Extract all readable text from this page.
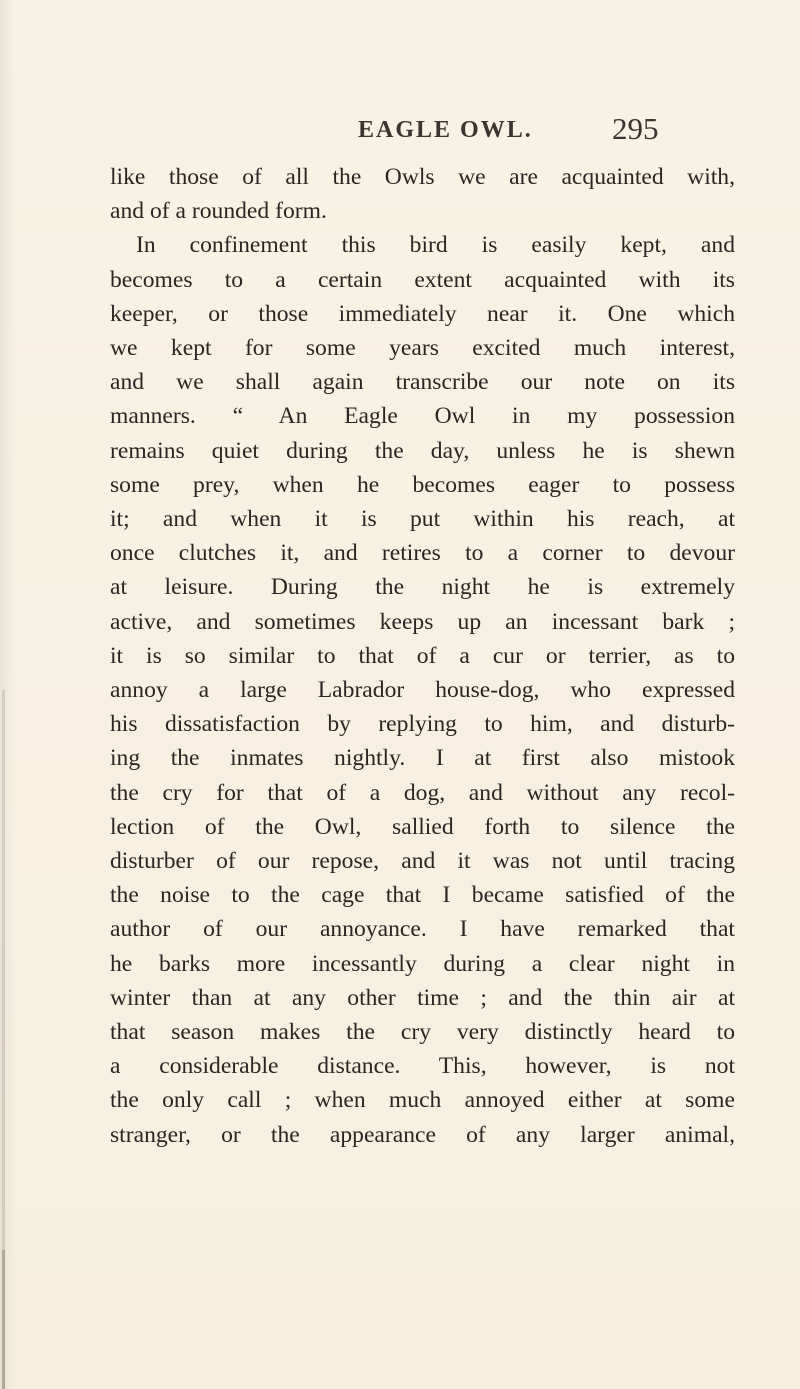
EAGLE OWL.	295
like those of all the Owls we are acquainted with,
and of a rounded form.
In confinement this bird is easily kept, and
becomes to a certain extent acquainted with its
keeper, or those immediately near it. One which
we kept for some years excited much interest,
and we shall again transcribe our note on its
manners. “ An Eagle Owl in my possession
remains quiet during the day, unless he is shewn
some prey, when he becomes eager to possess
it; and when it is put within his reach, at
once clutches it, and retires to a corner to devour
at leisure. During the night he is extremely
active, and sometimes keeps up an incessant bark ;
it is so similar to that of a cur or terrier, as to
annoy a large Labrador house-dog, who expressed
his dissatisfaction by replying to him, and disturb-
ing the inmates nightly. I at first also mistook
the cry for that of a dog, and without any recol-
lection of the Owl, sallied forth to silence the
disturber of our repose, and it was not until tracing
the noise to the cage that I became satisfied of the
author of our annoyance. I have remarked that
he barks more incessantly during a clear night in
winter than at any other time ; and the thin air at
that season makes the cry very distinctly heard to
a considerable distance. This, however, is not
the only call ; when much annoyed either at some
stranger, or the appearance of any larger animal,
